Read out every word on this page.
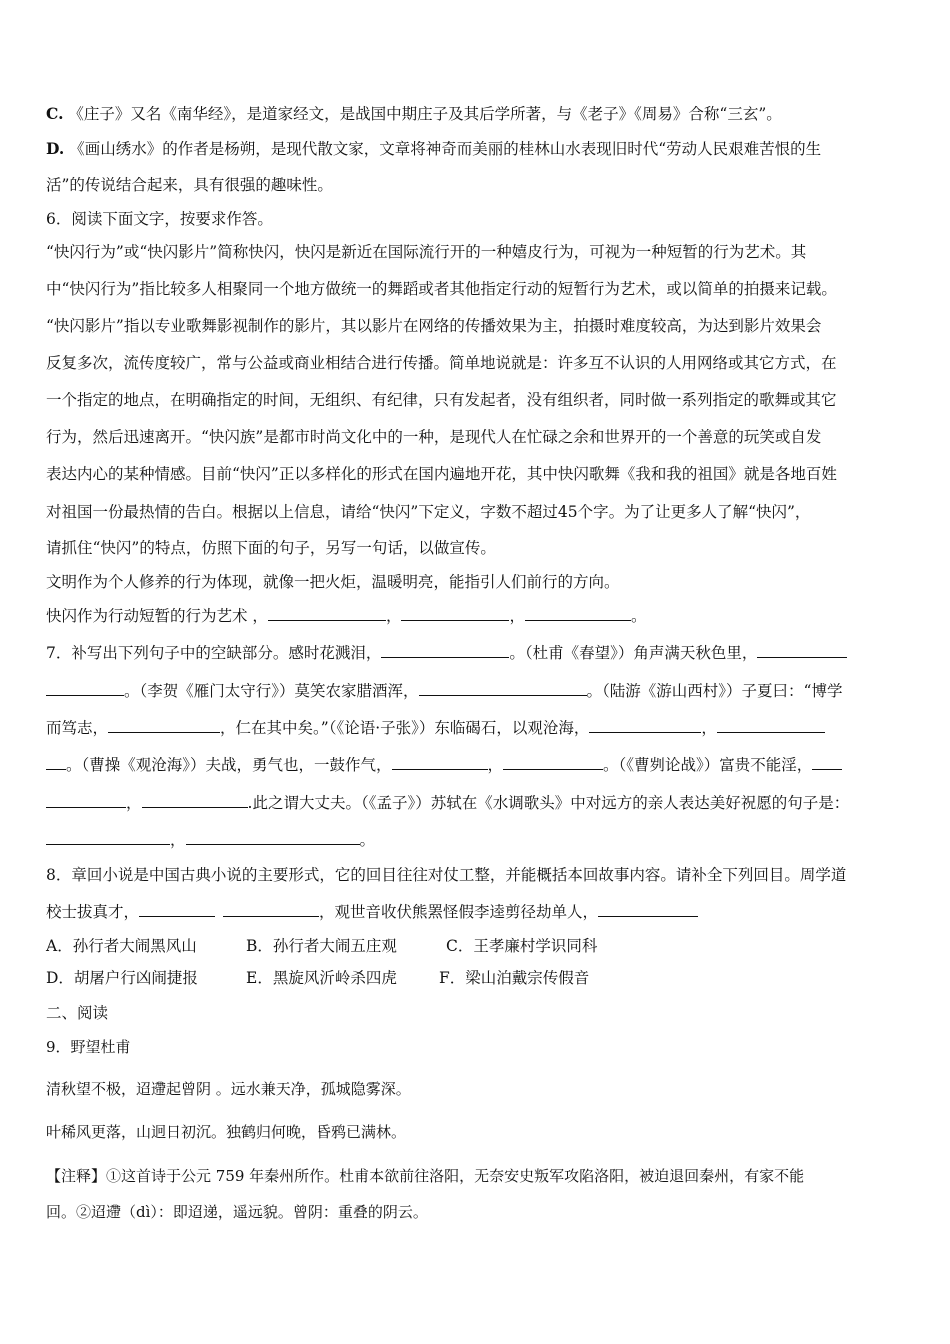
C. 《庄子》又名《南华经》，是道家经文，是战国中期庄子及其后学所著，与《老子》《周易》合称“三玄”。
D. 《画山绣水》的作者是杨朔，是现代散文家，文章将神奇而美丽的桂林山水表现旧时代“劳动人民艰难苦恨的生
活”的传说结合起来，具有很强的趣味性。
6．阅读下面文字，按要求作答。
“快闪行为”或“快闪影片”简称快闪，快闪是新近在国际流行开的一种嬉皮行为，可视为一种短暂的行为艺术。其
中“快闪行为”指比较多人相聚同一个地方做统一的舞蹈或者其他指定行动的短暂行为艺术，或以简单的拍摄来记载。
“快闪影片”指以专业歌舞影视制作的影片，其以影片在网络的传播效果为主，拍摄时难度较高，为达到影片效果会
反复多次，流传度较广，常与公益或商业相结合进行传播。简单地说就是：许多互不认识的人用网络或其它方式，在
一个指定的地点，在明确指定的时间，无组织、有纪律，只有发起者，没有组织者，同时做一系列指定的歌舞或其它
行为，然后迅速离开。“快闪族”是都市时尚文化中的一种，是现代人在忙碌之余和世界开的一个善意的玩笑或自发
表达内心的某种情感。目前“快闪”正以多样化的形式在国内遍地开花，其中快闪歌舞《我和我的祖国》就是各地百姓
对祖国一份最热情的告白。根据以上信息，请给“快闪”下定义，字数不超过45个字。为了让更多人了解“快闪”，
请抓住“快闪”的特点，仿照下面的句子，另写一句话，以做宣传。
文明作为个人修养的行为体现，就像一把火炬，温暖明亮，能指引人们前行的方向。
快闪作为行动短暂的行为艺术 ，	，	，	。
7．补写出下列句子中的空缺部分。感时花溅泪，	。（杜甫《春望》）角声满天秋色里，
。（李贺《雁门太守行》）莫笑农家腊酒浑，	。（陆游《游山西村》）子夏曰：“博学
而笃志，	，仁在其中矣。”（《论语·子张》）东临碣石，以观沧海，	，
。（曹操《观沧海》）夫战，勇气也，一鼓作气，	，	。（《曹刿论战》）富贵不能淫，
，	.此之谓大丈夫。（《孟子》）苏轼在《水调歌头》中对远方的亲人表达美好祝愿的句子是：
，	。
8．章回小说是中国古典小说的主要形式，它的回目往往对仗工整，并能概括本回故事内容。请补全下列回目。周学道
校士拔真才，	，观世音收伏熊罴怪假李逵剪径劫单人，
A．孙行者大闹黑风山	B．孙行者大闹五庄观	C．王孝廉村学识同科
D．胡屠户行凶闹捷报	E．黑旋风沂岭杀四虎	F．梁山泊戴宗传假音
二、阅读
9．野望杜甫
清秋望不极，迢遰起曾阴 。远水兼天净，孤城隐雾深。
叶稀风更落，山迥日初沉。独鹤归何晚，昏鸦已满林。
【注释】①这首诗于公元 759 年秦州所作。杜甫本欲前往洛阳，无奈安史叛军攻陷洛阳，被迫退回秦州，有家不能
回。②迢遰（dì）：即迢递，遥远貌。曾阴：重叠的阴云。
